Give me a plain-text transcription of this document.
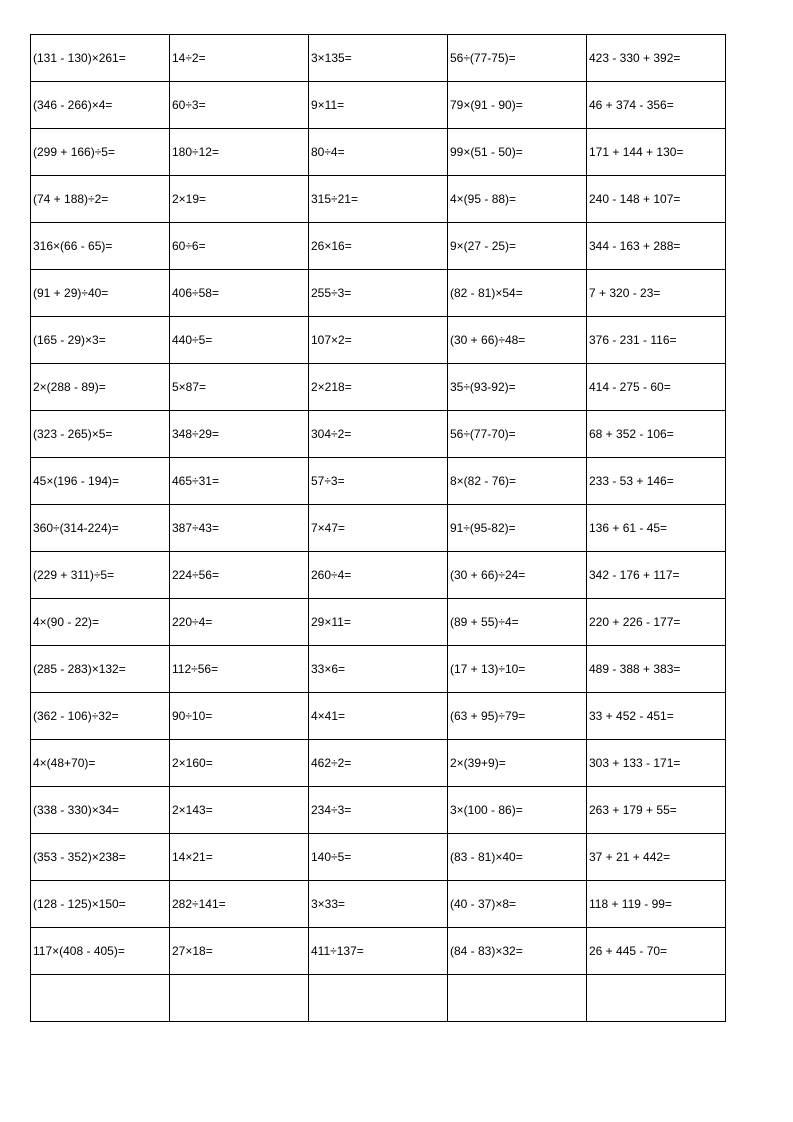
(131 - 130)×261=	14÷2=	3×135=	56÷(77-75)=	423 - 330 + 392=
(346 - 266)×4=	60÷3=	9×11=	79×(91 - 90)=	46 + 374 - 356=
(299 + 166)÷5=	180÷12=	80÷4=	99×(51 - 50)=	171 + 144 + 130=
(74 + 188)÷2=	2×19=	315÷21=	4×(95 - 88)=	240 - 148 + 107=
316×(66 - 65)=	60÷6=	26×16=	9×(27 - 25)=	344 - 163 + 288=
(91 + 29)÷40=	406÷58=	255÷3=	(82 - 81)×54=	7 + 320 - 23=
(165 - 29)×3=	440÷5=	107×2=	(30 + 66)÷48=	376 - 231 - 116=
2×(288 - 89)=	5×87=	2×218=	35÷(93-92)=	414 - 275 - 60=
(323 - 265)×5=	348÷29=	304÷2=	56÷(77-70)=	68 + 352 - 106=
45×(196 - 194)=	465÷31=	57÷3=	8×(82 - 76)=	233 - 53 + 146=
360÷(314-224)=	387÷43=	7×47=	91÷(95-82)=	136 + 61 - 45=
(229 + 311)÷5=	224÷56=	260÷4=	(30 + 66)÷24=	342 - 176 + 117=
4×(90 - 22)=	220÷4=	29×11=	(89 + 55)÷4=	220 + 226 - 177=
(285 - 283)×132=	112÷56=	33×6=	(17 + 13)÷10=	489 - 388 + 383=
(362 - 106)÷32=	90÷10=	4×41=	(63 + 95)÷79=	33 + 452 - 451=
4×(48+70)=	2×160=	462÷2=	2×(39+9)=	303 + 133 - 171=
(338 - 330)×34=	2×143=	234÷3=	3×(100 - 86)=	263 + 179 + 55=
(353 - 352)×238=	14×21=	140÷5=	(83 - 81)×40=	37 + 21 + 442=
(128 - 125)×150=	282÷141=	3×33=	(40 - 37)×8=	118 + 119 - 99=
117×(408 - 405)=	27×18=	411÷137=	(84 - 83)×32=	26 + 445 - 70=
